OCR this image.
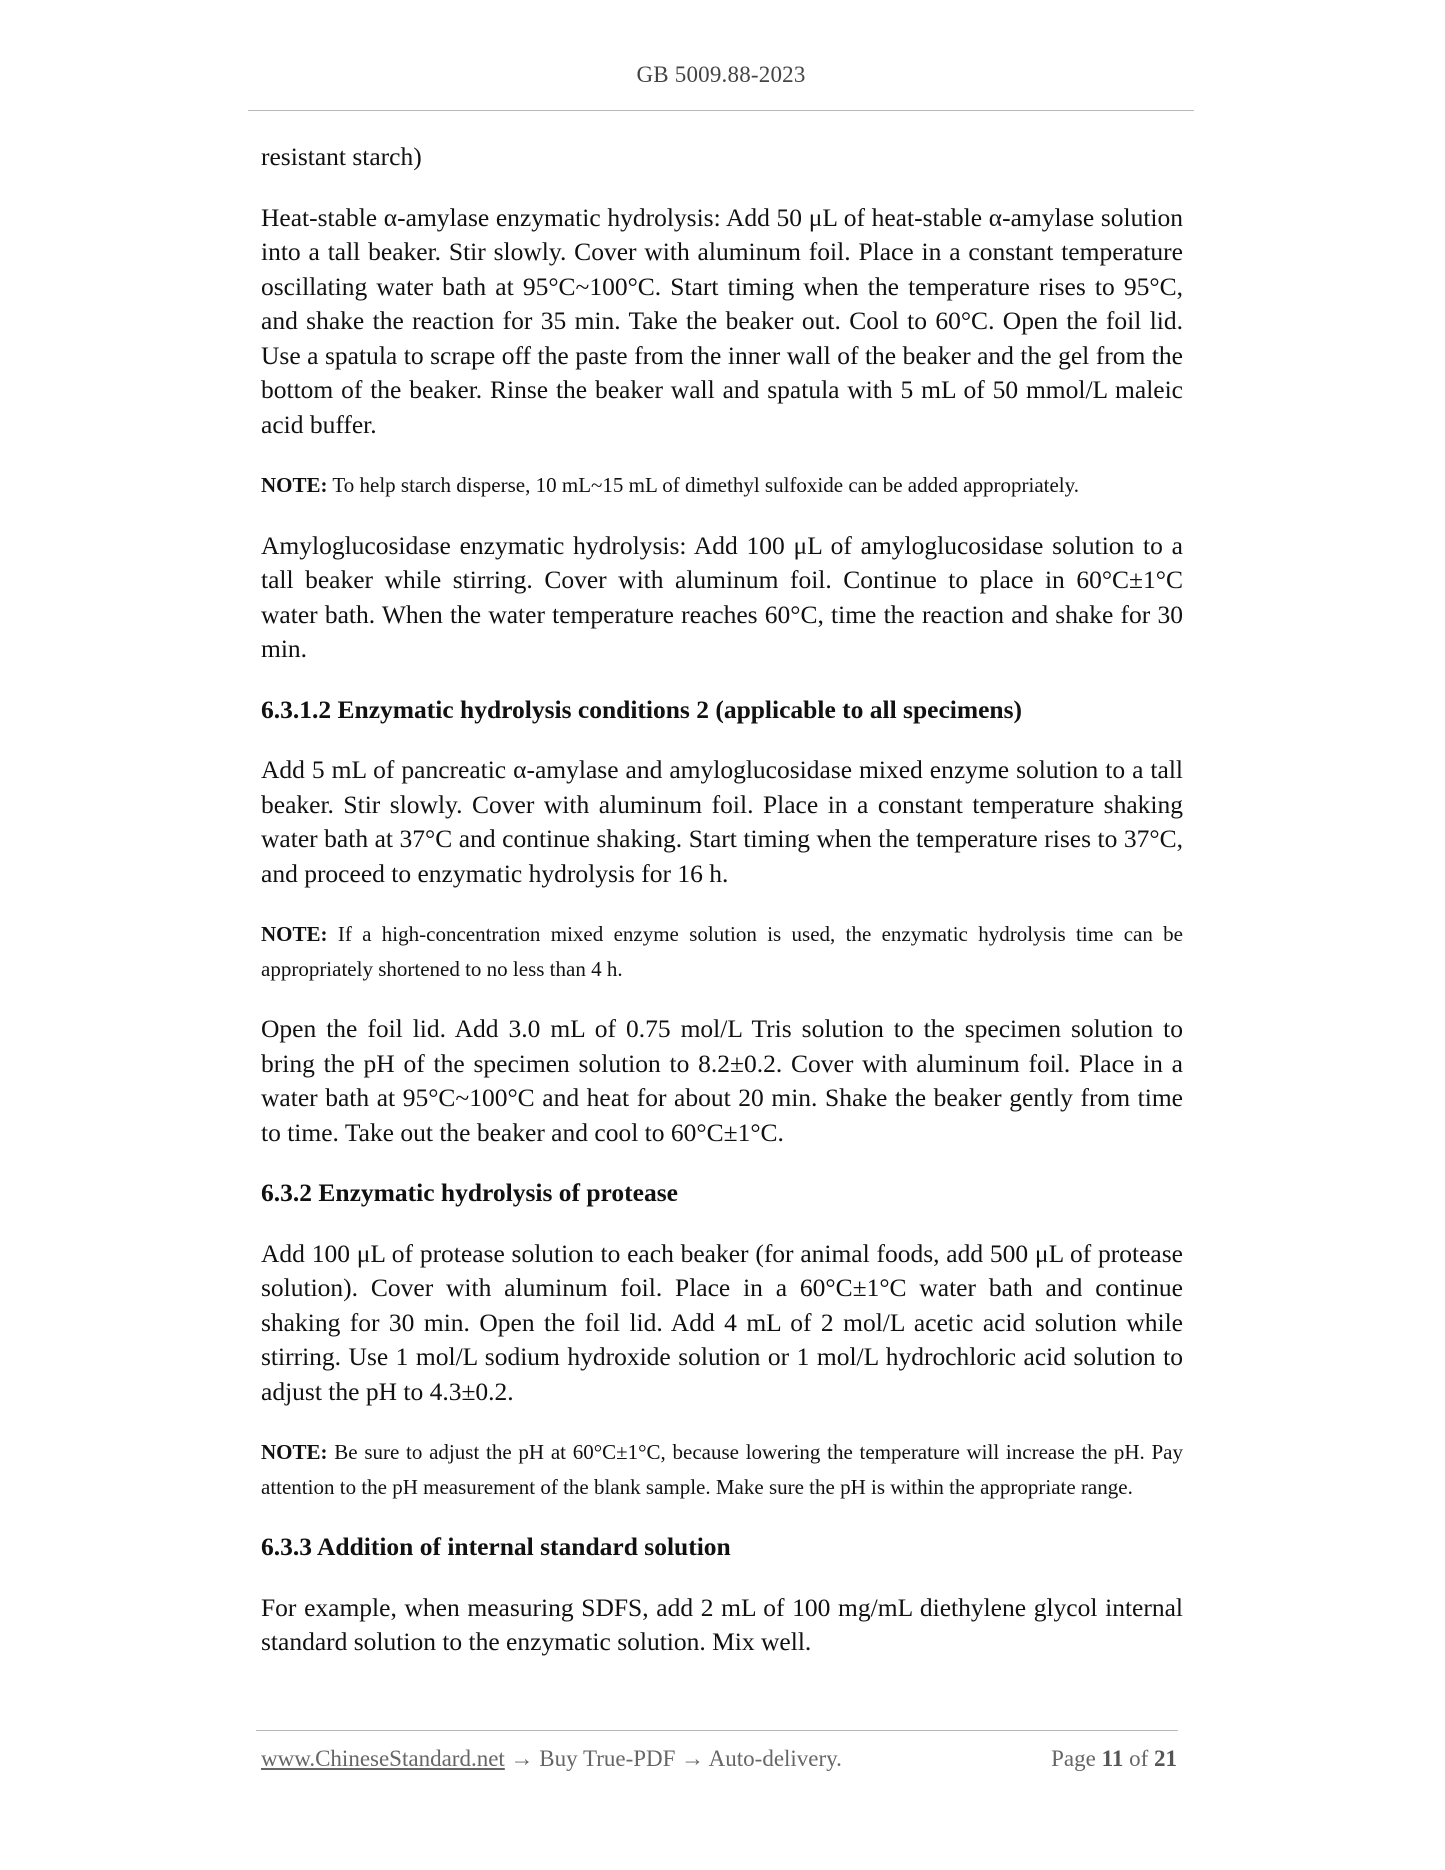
GB 5009.88-2023

resistant starch)

Heat-stable α-amylase enzymatic hydrolysis: Add 50 μL of heat-stable α-amylase solution into a tall beaker. Stir slowly. Cover with aluminum foil. Place in a constant temperature oscillating water bath at 95°C~100°C. Start timing when the temperature rises to 95°C, and shake the reaction for 35 min. Take the beaker out. Cool to 60°C. Open the foil lid. Use a spatula to scrape off the paste from the inner wall of the beaker and the gel from the bottom of the beaker. Rinse the beaker wall and spatula with 5 mL of 50 mmol/L maleic acid buffer.

NOTE: To help starch disperse, 10 mL~15 mL of dimethyl sulfoxide can be added appropriately.

Amyloglucosidase enzymatic hydrolysis: Add 100 μL of amyloglucosidase solution to a tall beaker while stirring. Cover with aluminum foil. Continue to place in 60°C±1°C water bath. When the water temperature reaches 60°C, time the reaction and shake for 30 min.

6.3.1.2 Enzymatic hydrolysis conditions 2 (applicable to all specimens)

Add 5 mL of pancreatic α-amylase and amyloglucosidase mixed enzyme solution to a tall beaker. Stir slowly. Cover with aluminum foil. Place in a constant temperature shaking water bath at 37°C and continue shaking. Start timing when the temperature rises to 37°C, and proceed to enzymatic hydrolysis for 16 h.

NOTE: If a high-concentration mixed enzyme solution is used, the enzymatic hydrolysis time can be appropriately shortened to no less than 4 h.

Open the foil lid. Add 3.0 mL of 0.75 mol/L Tris solution to the specimen solution to bring the pH of the specimen solution to 8.2±0.2. Cover with aluminum foil. Place in a water bath at 95°C~100°C and heat for about 20 min. Shake the beaker gently from time to time. Take out the beaker and cool to 60°C±1°C.

6.3.2 Enzymatic hydrolysis of protease

Add 100 μL of protease solution to each beaker (for animal foods, add 500 μL of protease solution). Cover with aluminum foil. Place in a 60°C±1°C water bath and continue shaking for 30 min. Open the foil lid. Add 4 mL of 2 mol/L acetic acid solution while stirring. Use 1 mol/L sodium hydroxide solution or 1 mol/L hydrochloric acid solution to adjust the pH to 4.3±0.2.

NOTE: Be sure to adjust the pH at 60°C±1°C, because lowering the temperature will increase the pH. Pay attention to the pH measurement of the blank sample. Make sure the pH is within the appropriate range.

6.3.3 Addition of internal standard solution

For example, when measuring SDFS, add 2 mL of 100 mg/mL diethylene glycol internal standard solution to the enzymatic solution. Mix well.

www.ChineseStandard.net → Buy True-PDF → Auto-delivery.	Page 11 of 21
